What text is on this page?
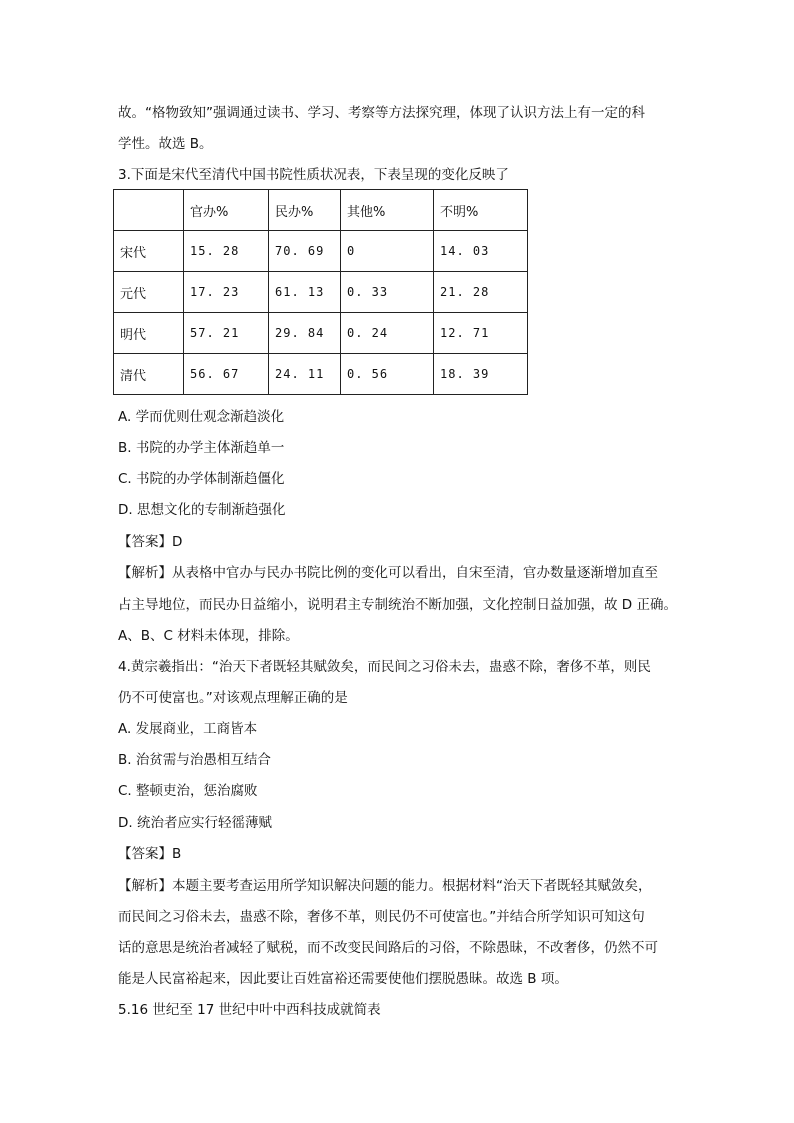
故。“格物致知”强调通过读书、学习、考察等方法探究理，体现了认识方法上有一定的科
学性。故选 B。
3.下面是宋代至清代中国书院性质状况表，下表呈现的变化反映了
	官办%	民办%	其他%	不明%
宋代	15. 28	70. 69	0	14. 03
元代	17. 23	61. 13	0. 33	21. 28
明代	57. 21	29. 84	0. 24	12. 71
清代	56. 67	24. 11	0. 56	18. 39
A. 学而优则仕观念渐趋淡化
B. 书院的办学主体渐趋单一
C. 书院的办学体制渐趋僵化
D. 思想文化的专制渐趋强化
【答案】D
【解析】从表格中官办与民办书院比例的变化可以看出，自宋至清，官办数量逐渐增加直至
占主导地位，而民办日益缩小，说明君主专制统治不断加强，文化控制日益加强，故 D 正确。
A、B、C 材料未体现，排除。
4.黄宗羲指出：“治天下者既轻其赋敛矣，而民间之习俗未去，蛊惑不除，奢侈不革，则民
仍不可使富也。”对该观点理解正确的是
A. 发展商业，工商皆本
B. 治贫需与治愚相互结合
C. 整顿吏治，惩治腐败
D. 统治者应实行轻徭薄赋
【答案】B
【解析】本题主要考查运用所学知识解决问题的能力。根据材料“治天下者既轻其赋敛矣，
而民间之习俗未去，蛊惑不除，奢侈不革，则民仍不可使富也。”并结合所学知识可知这句
话的意思是统治者减轻了赋税，而不改变民间路后的习俗，不除愚昧，不改奢侈，仍然不可
能是人民富裕起来，因此要让百姓富裕还需要使他们摆脱愚昧。故选 B 项。
5.16 世纪至 17 世纪中叶中西科技成就简表
